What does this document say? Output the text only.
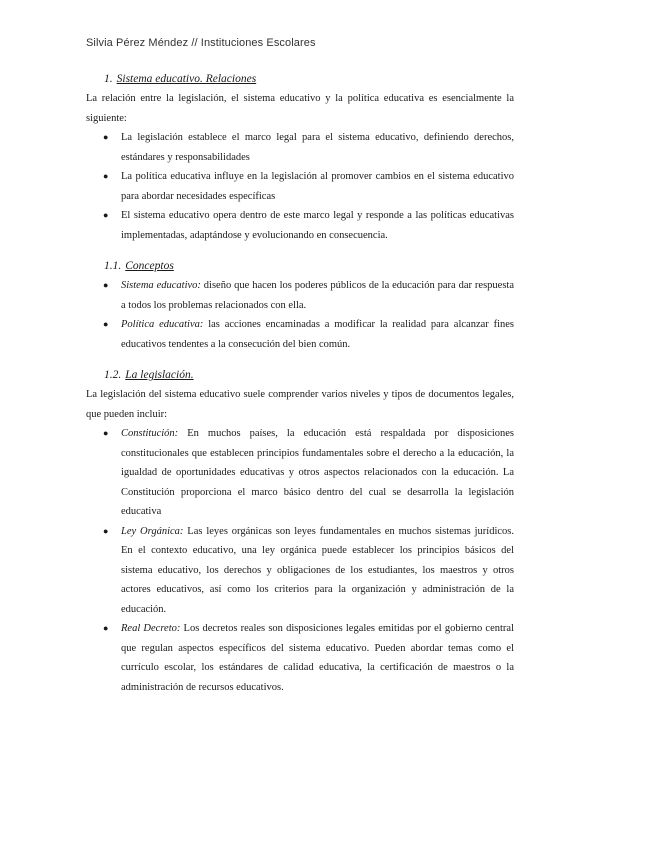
Silvia Pérez Méndez // Instituciones Escolares
1. Sistema educativo. Relaciones

La relación entre la legislación, el sistema educativo y la política educativa es esencialmente la siguiente:

● La legislación establece el marco legal para el sistema educativo, definiendo derechos, estándares y responsabilidades
● La política educativa influye en la legislación al promover cambios en el sistema educativo para abordar necesidades específicas
● El sistema educativo opera dentro de este marco legal y responde a las políticas educativas implementadas, adaptándose y evolucionando en consecuencia.
1.1. Conceptos
● Sistema educativo: diseño que hacen los poderes públicos de la educación para dar respuesta a todos los problemas relacionados con ella.
● Política educativa: las acciones encaminadas a modificar la realidad para alcanzar fines educativos tendentes a la consecución del bien común.
1.2. La legislación.

La legislación del sistema educativo suele comprender varios niveles y tipos de documentos legales, que pueden incluir:

● Constitución: En muchos países, la educación está respaldada por disposiciones constitucionales que establecen principios fundamentales sobre el derecho a la educación, la igualdad de oportunidades educativas y otros aspectos relacionados con la educación. La Constitución proporciona el marco básico dentro del cual se desarrolla la legislación educativa
● Ley Orgánica: Las leyes orgánicas son leyes fundamentales en muchos sistemas jurídicos. En el contexto educativo, una ley orgánica puede establecer los principios básicos del sistema educativo, los derechos y obligaciones de los estudiantes, los maestros y otros actores educativos, así como los criterios para la organización y administración de la educación.
● Real Decreto: Los decretos reales son disposiciones legales emitidas por el gobierno central que regulan aspectos específicos del sistema educativo. Pueden abordar temas como el currículo escolar, los estándares de calidad educativa, la certificación de maestros o la administración de recursos educativos.
